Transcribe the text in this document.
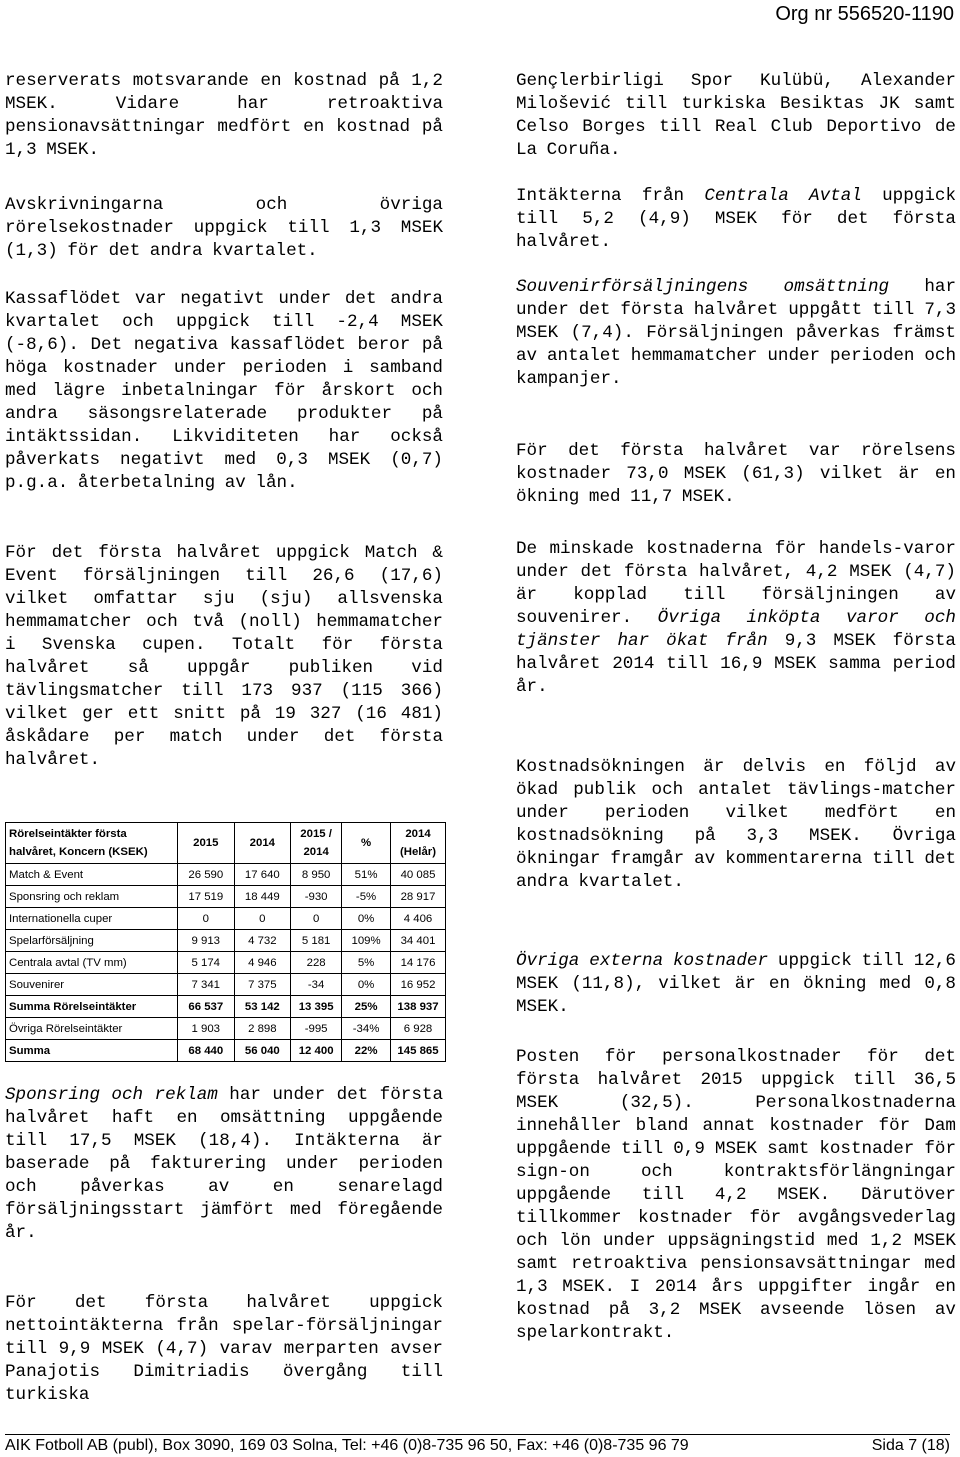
Org nr 556520-1190

reserverats motsvarande en kostnad på 1,2 MSEK. Vidare har retroaktiva pensionavsättningar medfört en kostnad på 1,3 MSEK.

Avskrivningarna och övriga rörelsekostnader uppgick till 1,3 MSEK (1,3) för det andra kvartalet.

Kassaflödet var negativt under det andra kvartalet och uppgick till -2,4 MSEK (-8,6). Det negativa kassaflödet beror på höga kostnader under perioden i samband med lägre inbetalningar för årskort och andra säsongsrelaterade produkter på intäktssidan. Likviditeten har också påverkats negativt med 0,3 MSEK (0,7) p.g.a. återbetalning av lån.

För det första halvåret uppgick Match & Event försäljningen till 26,6 (17,6) vilket omfattar sju (sju) allsvenska hemmamatcher och två (noll) hemmamatcher i Svenska cupen. Totalt för första halvåret så uppgår publiken vid tävlingsmatcher till 173 937 (115 366) vilket ger ett snitt på 19 327 (16 481) åskådare per match under det första halvåret.

Sponsring och reklam har under det första halvåret haft en omsättning uppgående till 17,5 MSEK (18,4). Intäkterna är baserade på fakturering under perioden och påverkas av en senarelagd försäljningsstart jämfört med föregående år.

För det första halvåret uppgick nettointäkterna från spelar-försäljningar till 9,9 MSEK (4,7) varav merparten avser Panajotis Dimitriadis övergång till turkiska

Rörelseintäkter första halvåret, Koncern (KSEK)	2015	2014	2015 / 2014	%	2014 (Helår)
Match & Event	26 590	17 640	8 950	51%	40 085
Sponsring och reklam	17 519	18 449	-930	-5%	28 917
Internationella cuper	0	0	0	0%	4 406
Spelarförsäljning	9 913	4 732	5 181	109%	34 401
Centrala avtal (TV mm)	5 174	4 946	228	5%	14 176
Souvenirer	7 341	7 375	-34	0%	16 952
Summa Rörelseintäkter	66 537	53 142	13 395	25%	138 937
Övriga Rörelseintäkter	1 903	2 898	-995	-34%	6 928
Summa	68 440	56 040	12 400	22%	145 865

Gençlerbirligi Spor Kulübü, Alexander Milošević till turkiska Besiktas JK samt Celso Borges till Real Club Deportivo de La Coruña.

Intäkterna från Centrala Avtal uppgick till 5,2 (4,9) MSEK för det första halvåret.

Souvenirförsäljningens omsättning har under det första halvåret uppgått till 7,3 MSEK (7,4). Försäljningen påverkas främst av antalet hemmamatcher under perioden och kampanjer.

För det första halvåret var rörelsens kostnader 73,0 MSEK (61,3) vilket är en ökning med 11,7 MSEK.

De minskade kostnaderna för handels-varor under det första halvåret, 4,2 MSEK (4,7) är kopplad till försäljningen av souvenirer. Övriga inköpta varor och tjänster har ökat från 9,3 MSEK första halvåret 2014 till 16,9 MSEK samma period år.

Kostnadsökningen är delvis en följd av ökad publik och antalet tävlings-matcher under perioden vilket medfört en kostnadsökning på 3,3 MSEK. Övriga ökningar framgår av kommentarerna till det andra kvartalet.

Övriga externa kostnader uppgick till 12,6 MSEK (11,8), vilket är en ökning med 0,8 MSEK.

Posten för personalkostnader för det första halvåret 2015 uppgick till 36,5 MSEK (32,5). Personalkostnaderna innehåller bland annat kostnader för Dam uppgående till 0,9 MSEK samt kostnader för sign-on och kontraktsförlängningar uppgående till 4,2 MSEK. Därutöver tillkommer kostnader för avgångsvederlag och lön under uppsägningstid med 1,2 MSEK samt retroaktiva pensionsavsättningar med 1,3 MSEK. I 2014 års uppgifter ingår en kostnad på 3,2 MSEK avseende lösen av spelarkontrakt.

AIK Fotboll AB (publ), Box 3090, 169 03 Solna, Tel: +46 (0)8-735 96 50, Fax: +46 (0)8-735 96 79	Sida 7 (18)
